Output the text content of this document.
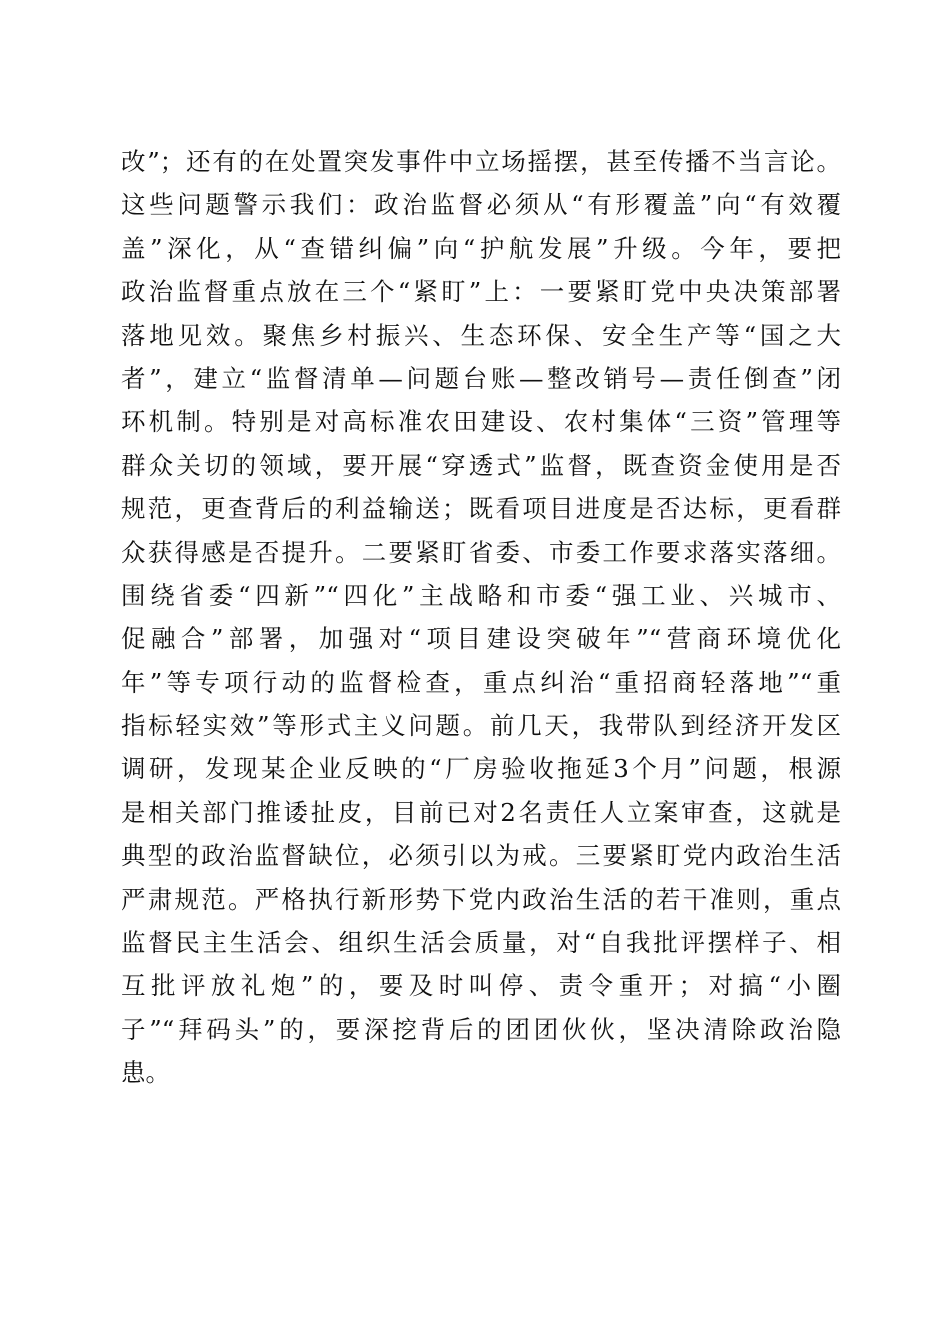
改”；还有的在处置突发事件中立场摇摆，甚至传播不当言论。
这些问题警示我们：政治监督必须从“有形覆盖”向“有效覆
盖”深化，从“查错纠偏”向“护航发展”升级。今年，要把
政治监督重点放在三个“紧盯”上：一要紧盯党中央决策部署
落地见效。聚焦乡村振兴、生态环保、安全生产等“国之大
者”，建立“监督清单—问题台账—整改销号—责任倒查”闭
环机制。特别是对高标准农田建设、农村集体“三资”管理等
群众关切的领域，要开展“穿透式”监督，既查资金使用是否
规范，更查背后的利益输送；既看项目进度是否达标，更看群
众获得感是否提升。二要紧盯省委、市委工作要求落实落细。
围绕省委“四新”“四化”主战略和市委“强工业、兴城市、
促融合”部署，加强对“项目建设突破年”“营商环境优化
年”等专项行动的监督检查，重点纠治“重招商轻落地”“重
指标轻实效”等形式主义问题。前几天，我带队到经济开发区
调研，发现某企业反映的“厂房验收拖延3个月”问题，根源
是相关部门推诿扯皮，目前已对2名责任人立案审查，这就是
典型的政治监督缺位，必须引以为戒。三要紧盯党内政治生活
严肃规范。严格执行新形势下党内政治生活的若干准则，重点
监督民主生活会、组织生活会质量，对“自我批评摆样子、相
互批评放礼炮”的，要及时叫停、责令重开；对搞“小圈
子”“拜码头”的，要深挖背后的团团伙伙，坚决清除政治隐
患。
